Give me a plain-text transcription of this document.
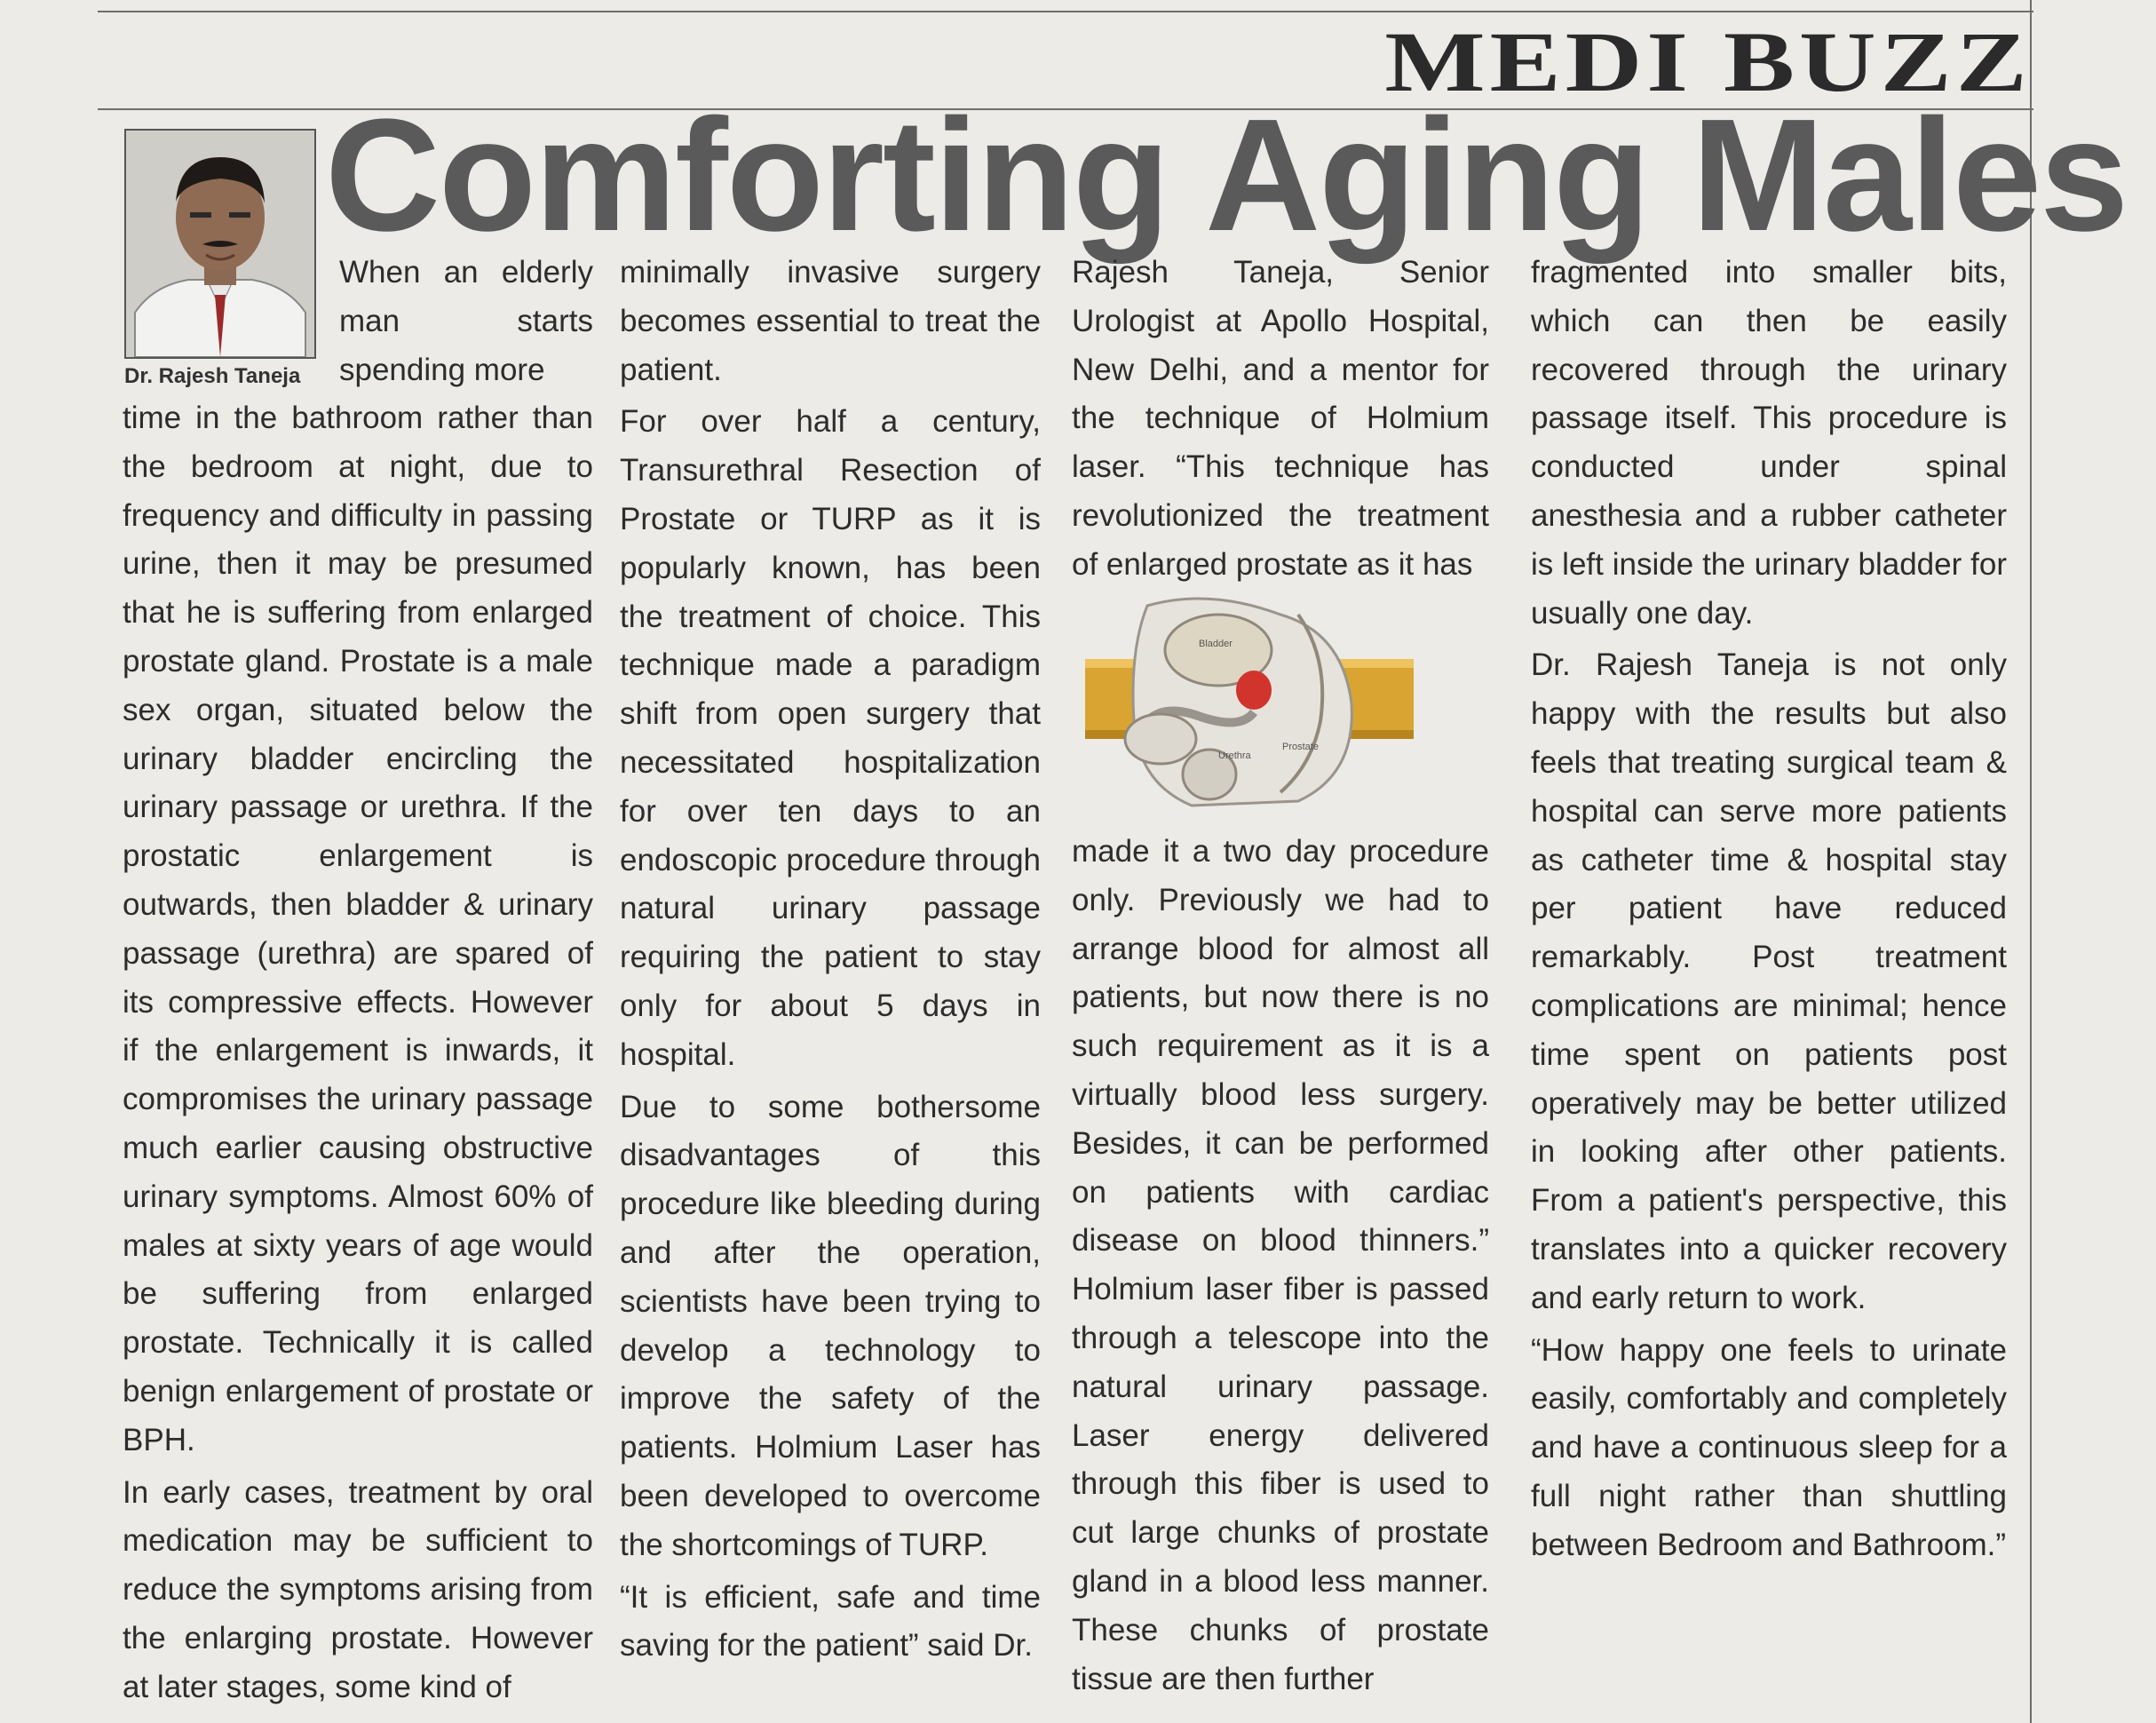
MEDI BUZZ
Comforting Aging Males
Dr. Rajesh Taneja

When an elderly man starts spending more

time in the bathroom rather than the bedroom at night, due to frequency and difficulty in passing urine, then it may be presumed that he is suffering from enlarged prostate gland. Prostate is a male sex organ, situated below the urinary bladder encircling the urinary passage or urethra. If the prostatic enlargement is outwards, then bladder & urinary passage (urethra) are spared of its compressive effects. However if the enlargement is inwards, it compromises the urinary passage much earlier causing obstructive urinary symptoms. Almost 60% of males at sixty years of age would be suffering from enlarged prostate. Technically it is called benign enlargement of prostate or BPH.

In early cases, treatment by oral medication may be sufficient to reduce the symptoms arising from the enlarging prostate. However at later stages, some kind of

minimally invasive surgery becomes essential to treat the patient.

For over half a century, Transurethral Resection of Prostate or TURP as it is popularly known, has been the treatment of choice. This technique made a paradigm shift from open surgery that necessitated hospitalization for over ten days to an endoscopic procedure through natural urinary passage requiring the patient to stay only for about 5 days in hospital.

Due to some bothersome disadvantages of this procedure like bleeding during and after the operation, scientists have been trying to develop a technology to improve the safety of the patients. Holmium Laser has been developed to overcome the shortcomings of TURP.

“It is efficient, safe and time saving for the patient” said Dr.

Rajesh Taneja, Senior Urologist at Apollo Hospital, New Delhi, and a mentor for the technique of Holmium laser. “This technique has revolutionized the treatment of enlarged prostate as it has

Bladder
Prostate
Urethra

made it a two day procedure only. Previously we had to arrange blood for almost all patients, but now there is no such requirement as it is a virtually blood less surgery. Besides, it can be performed on patients with cardiac disease on blood thinners.” Holmium laser fiber is passed through a telescope into the natural urinary passage. Laser energy delivered through this fiber is used to cut large chunks of prostate gland in a blood less manner. These chunks of prostate tissue are then further

fragmented into smaller bits, which can then be easily recovered through the urinary passage itself. This procedure is conducted under spinal anesthesia and a rubber catheter is left inside the urinary bladder for usually one day.

Dr. Rajesh Taneja is not only happy with the results but also feels that treating surgical team & hospital can serve more patients as catheter time & hospital stay per patient have reduced remarkably. Post treatment complications are minimal; hence time spent on patients post operatively may be better utilized in looking after other patients. From a patient's perspective, this translates into a quicker recovery and early return to work.

“How happy one feels to urinate easily, comfortably and completely and have a continuous sleep for a full night rather than shuttling between Bedroom and Bathroom.”
